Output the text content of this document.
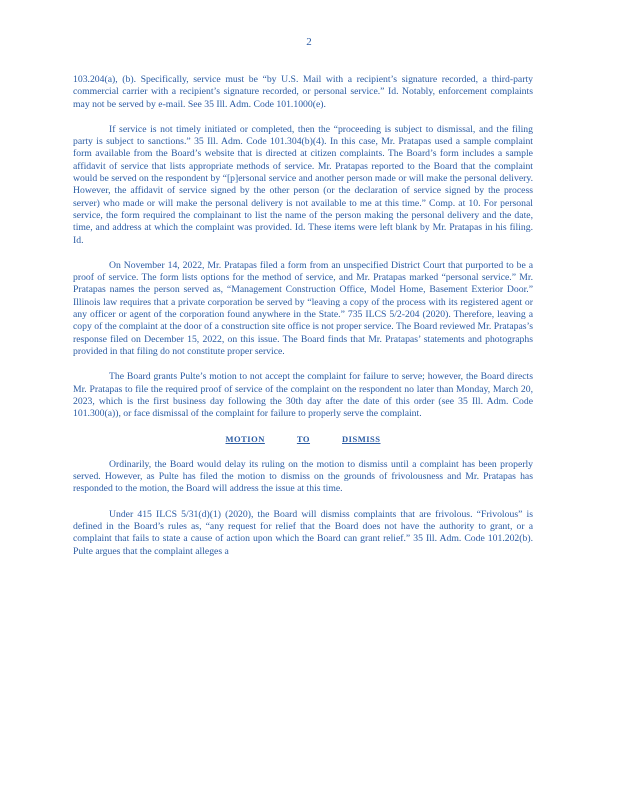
2

103.204(a), (b). Specifically, service must be “by U.S. Mail with a recipient’s signature recorded, a third-party commercial carrier with a recipient’s signature recorded, or personal service.” Id. Notably, enforcement complaints may not be served by e-mail. See 35 Ill. Adm. Code 101.1000(e).

If service is not timely initiated or completed, then the “proceeding is subject to dismissal, and the filing party is subject to sanctions.” 35 Ill. Adm. Code 101.304(b)(4). In this case, Mr. Pratapas used a sample complaint form available from the Board’s website that is directed at citizen complaints. The Board’s form includes a sample affidavit of service that lists appropriate methods of service. Mr. Pratapas reported to the Board that the complaint would be served on the respondent by “[p]ersonal service and another person made or will make the personal delivery. However, the affidavit of service signed by the other person (or the declaration of service signed by the process server) who made or will make the personal delivery is not available to me at this time.” Comp. at 10. For personal service, the form required the complainant to list the name of the person making the personal delivery and the date, time, and address at which the complaint was provided. Id. These items were left blank by Mr. Pratapas in his filing. Id.

On November 14, 2022, Mr. Pratapas filed a form from an unspecified District Court that purported to be a proof of service. The form lists options for the method of service, and Mr. Pratapas marked “personal service.” Mr. Pratapas names the person served as, “Management Construction Office, Model Home, Basement Exterior Door.” Illinois law requires that a private corporation be served by “leaving a copy of the process with its registered agent or any officer or agent of the corporation found anywhere in the State.” 735 ILCS 5/2-204 (2020). Therefore, leaving a copy of the complaint at the door of a construction site office is not proper service. The Board reviewed Mr. Pratapas’s response filed on December 15, 2022, on this issue. The Board finds that Mr. Pratapas’ statements and photographs provided in that filing do not constitute proper service.

The Board grants Pulte’s motion to not accept the complaint for failure to serve; however, the Board directs Mr. Pratapas to file the required proof of service of the complaint on the respondent no later than Monday, March 20, 2023, which is the first business day following the 30th day after the date of this order (see 35 Ill. Adm. Code 101.300(a)), or face dismissal of the complaint for failure to properly serve the complaint.

MOTION	TO	DISMISS

Ordinarily, the Board would delay its ruling on the motion to dismiss until a complaint has been properly served. However, as Pulte has filed the motion to dismiss on the grounds of frivolousness and Mr. Pratapas has responded to the motion, the Board will address the issue at this time.

Under 415 ILCS 5/31(d)(1) (2020), the Board will dismiss complaints that are frivolous. “Frivolous” is defined in the Board’s rules as, “any request for relief that the Board does not have the authority to grant, or a complaint that fails to state a cause of action upon which the Board can grant relief.” 35 Ill. Adm. Code 101.202(b). Pulte argues that the complaint alleges a
